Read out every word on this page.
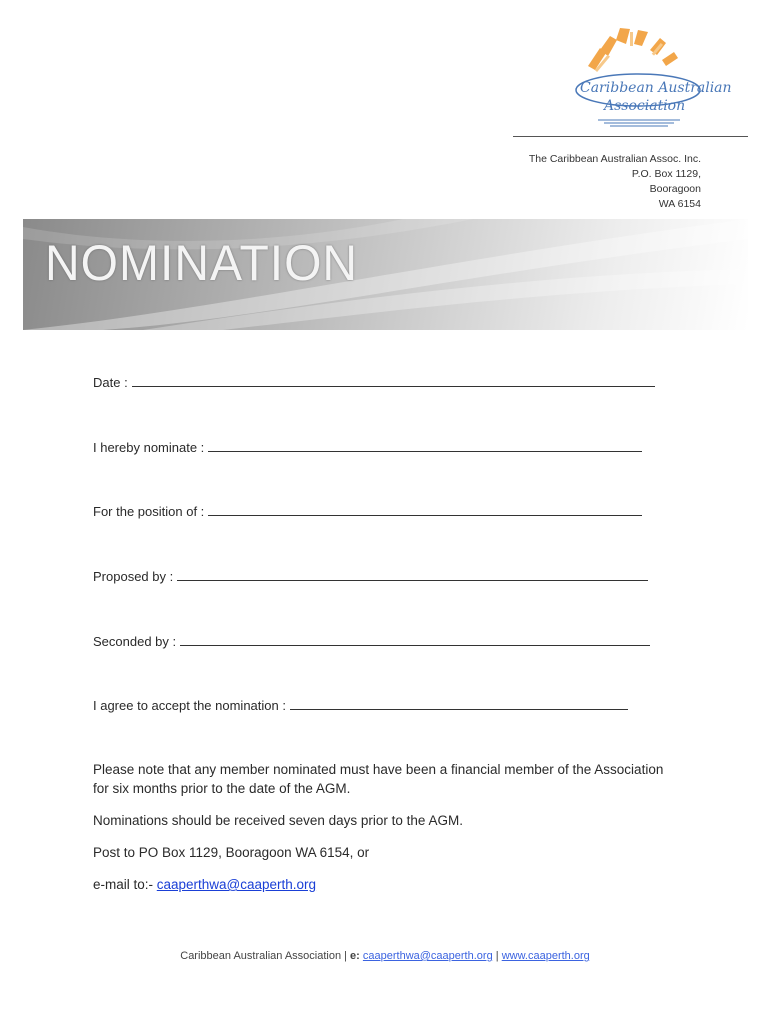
Caribbean Australian
Association
The Caribbean Australian Assoc. Inc.
P.O. Box 1129,
Booragoon
WA 6154
NOMINATION
Date :
I hereby nominate :
For the position of :
Proposed by :
Seconded by :
I agree to accept the nomination :

Please note that any member nominated must have been a financial member of the Association for six months prior to the date of the AGM.

Nominations should be received seven days prior to the AGM.

Post to PO Box 1129, Booragoon WA 6154, or

e-mail to:- caaperthwa@caaperth.org

Caribbean Australian Association | e: caaperthwa@caaperth.org | www.caaperth.org
